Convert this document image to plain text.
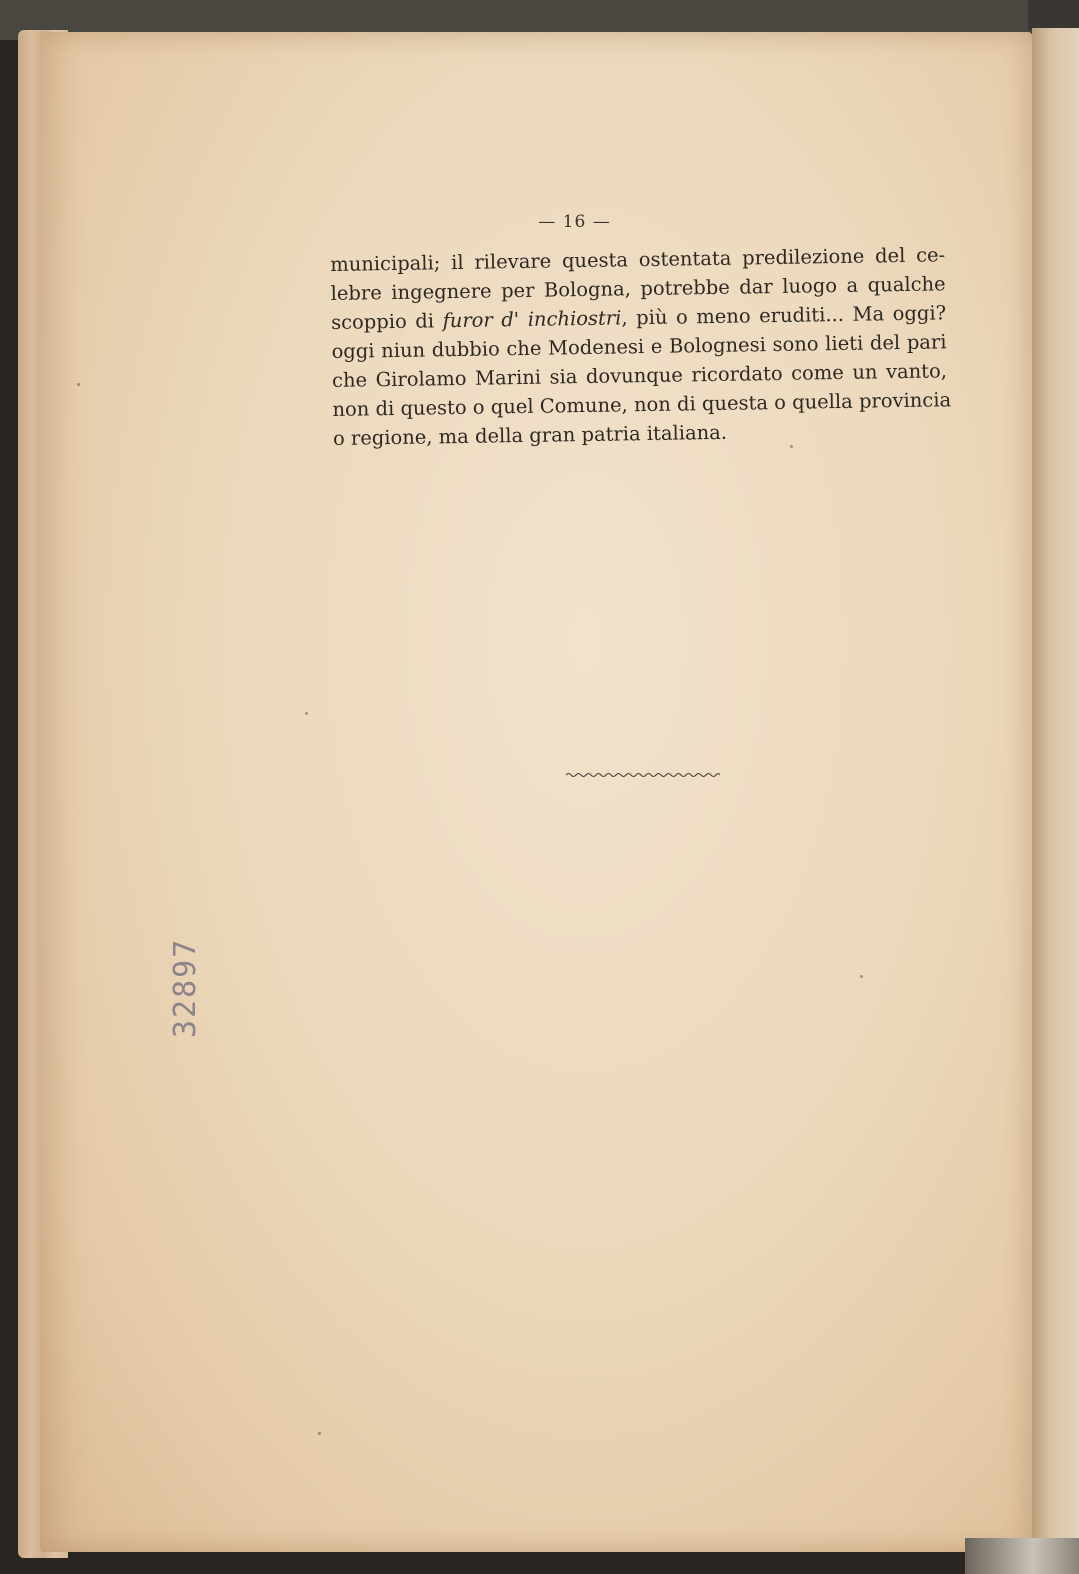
— 16 —
municipali; il rilevare questa ostentata predilezione del ce-
lebre ingegnere per Bologna, potrebbe dar luogo a qualche
scoppio di furor d' inchiostri, più o meno eruditi... Ma oggi?
oggi niun dubbio che Modenesi e Bolognesi sono lieti del pari
che Girolamo Marini sia dovunque ricordato come un vanto,
non di questo o quel Comune, non di questa o quella provincia
o regione, ma della gran patria italiana.
32897
